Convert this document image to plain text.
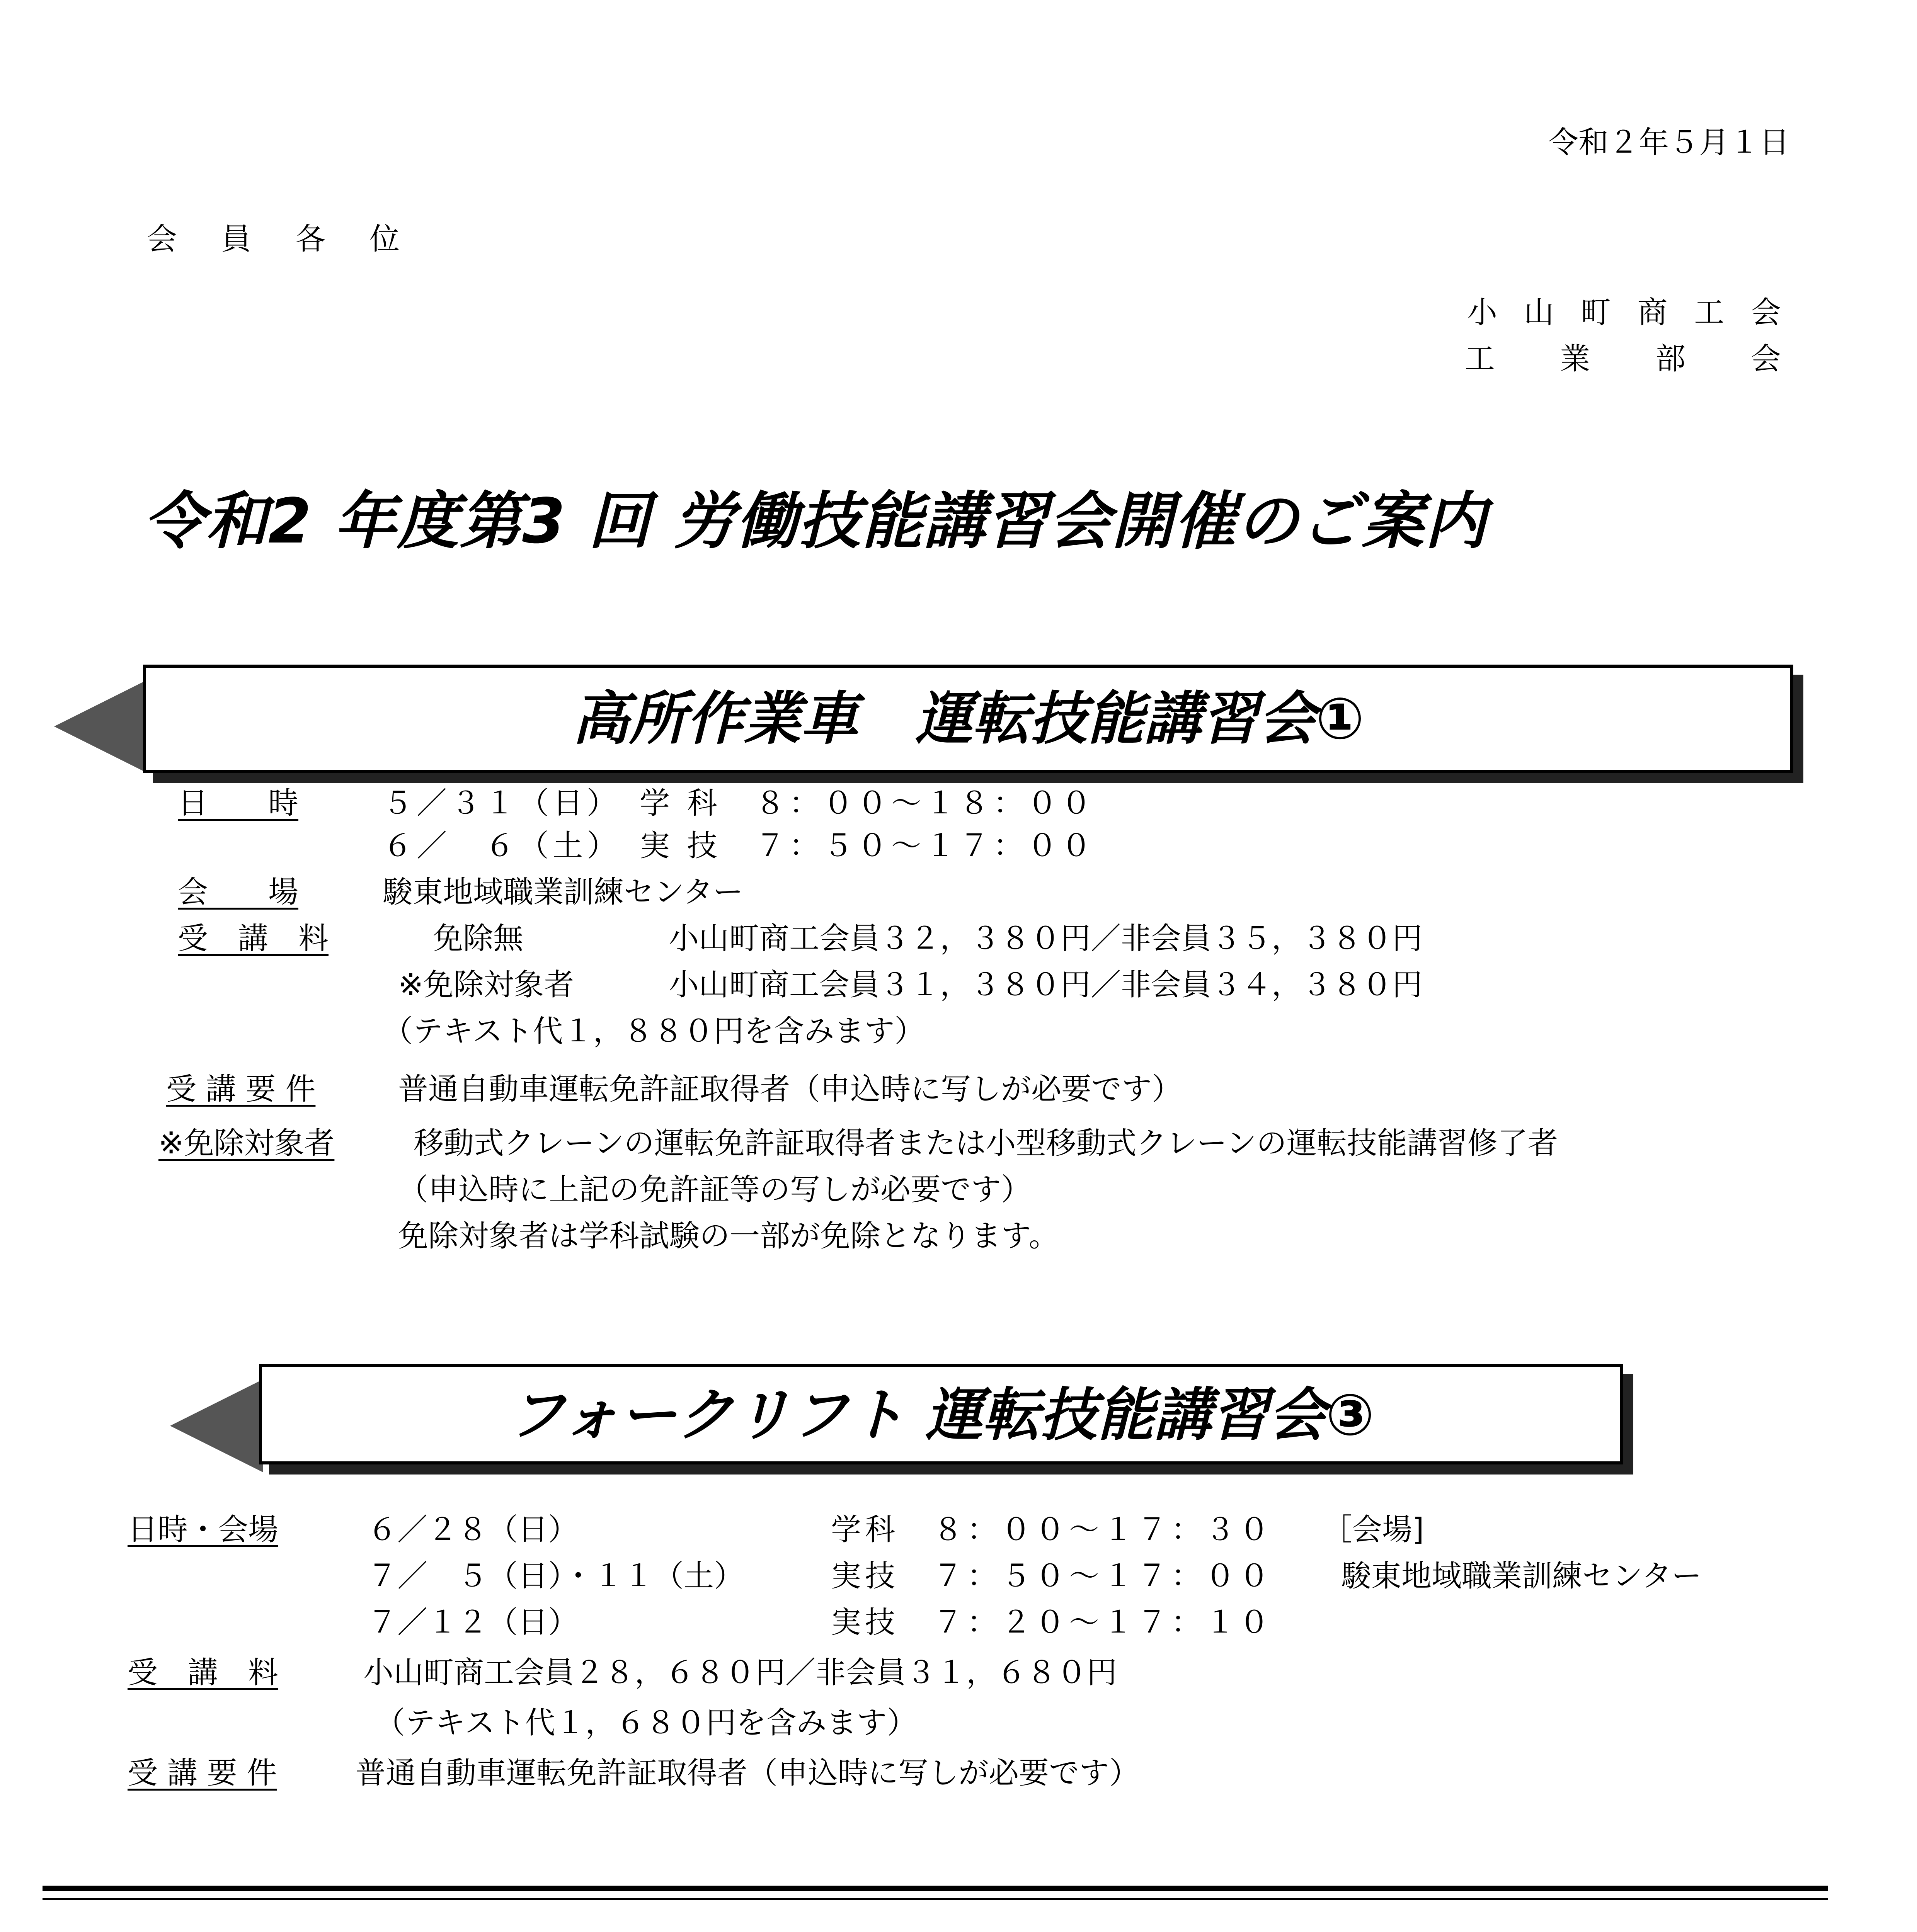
令和２年５月１日
会　員　各　位
小 山 町 商 工 会
工　 業 　部 　会
令和2 年度第3 回 労働技能講習会開催のご案内
高所作業車　運転技能講習会①
日　　時	５／３１（日）　学 科　８：００～１８：００
６／　６（土）　実 技　７：５０～１７：００
会　　場	駿東地域職業訓練センター
受　講　料	免除無	小山町商工会員３２，３８０円／非会員３５，３８０円
※免除対象者	小山町商工会員３１，３８０円／非会員３４，３８０円
（テキスト代１，８８０円を含みます）
受 講 要 件	普通自動車運転免許証取得者（申込時に写しが必要です）
※免除対象者	移動式クレーンの運転免許証取得者または小型移動式クレーンの運転技能講習修了者
（申込時に上記の免許証等の写しが必要です）
免除対象者は学科試験の一部が免除となります。
フォークリフト 運転技能講習会③
日時・会場	６／２８（日）	学科　８：００～１７：３０ ［会場]
７／　５（日）・１１（土）	実技　７：５０～１７：００ 駿東地域職業訓練センター
７／１２（日）	実技　７：２０～１７：１０
受　講　料	小山町商工会員２８，６８０円／非会員３１，６８０円
（テキスト代１，６８０円を含みます）
受 講 要 件	普通自動車運転免許証取得者（申込時に写しが必要です）
